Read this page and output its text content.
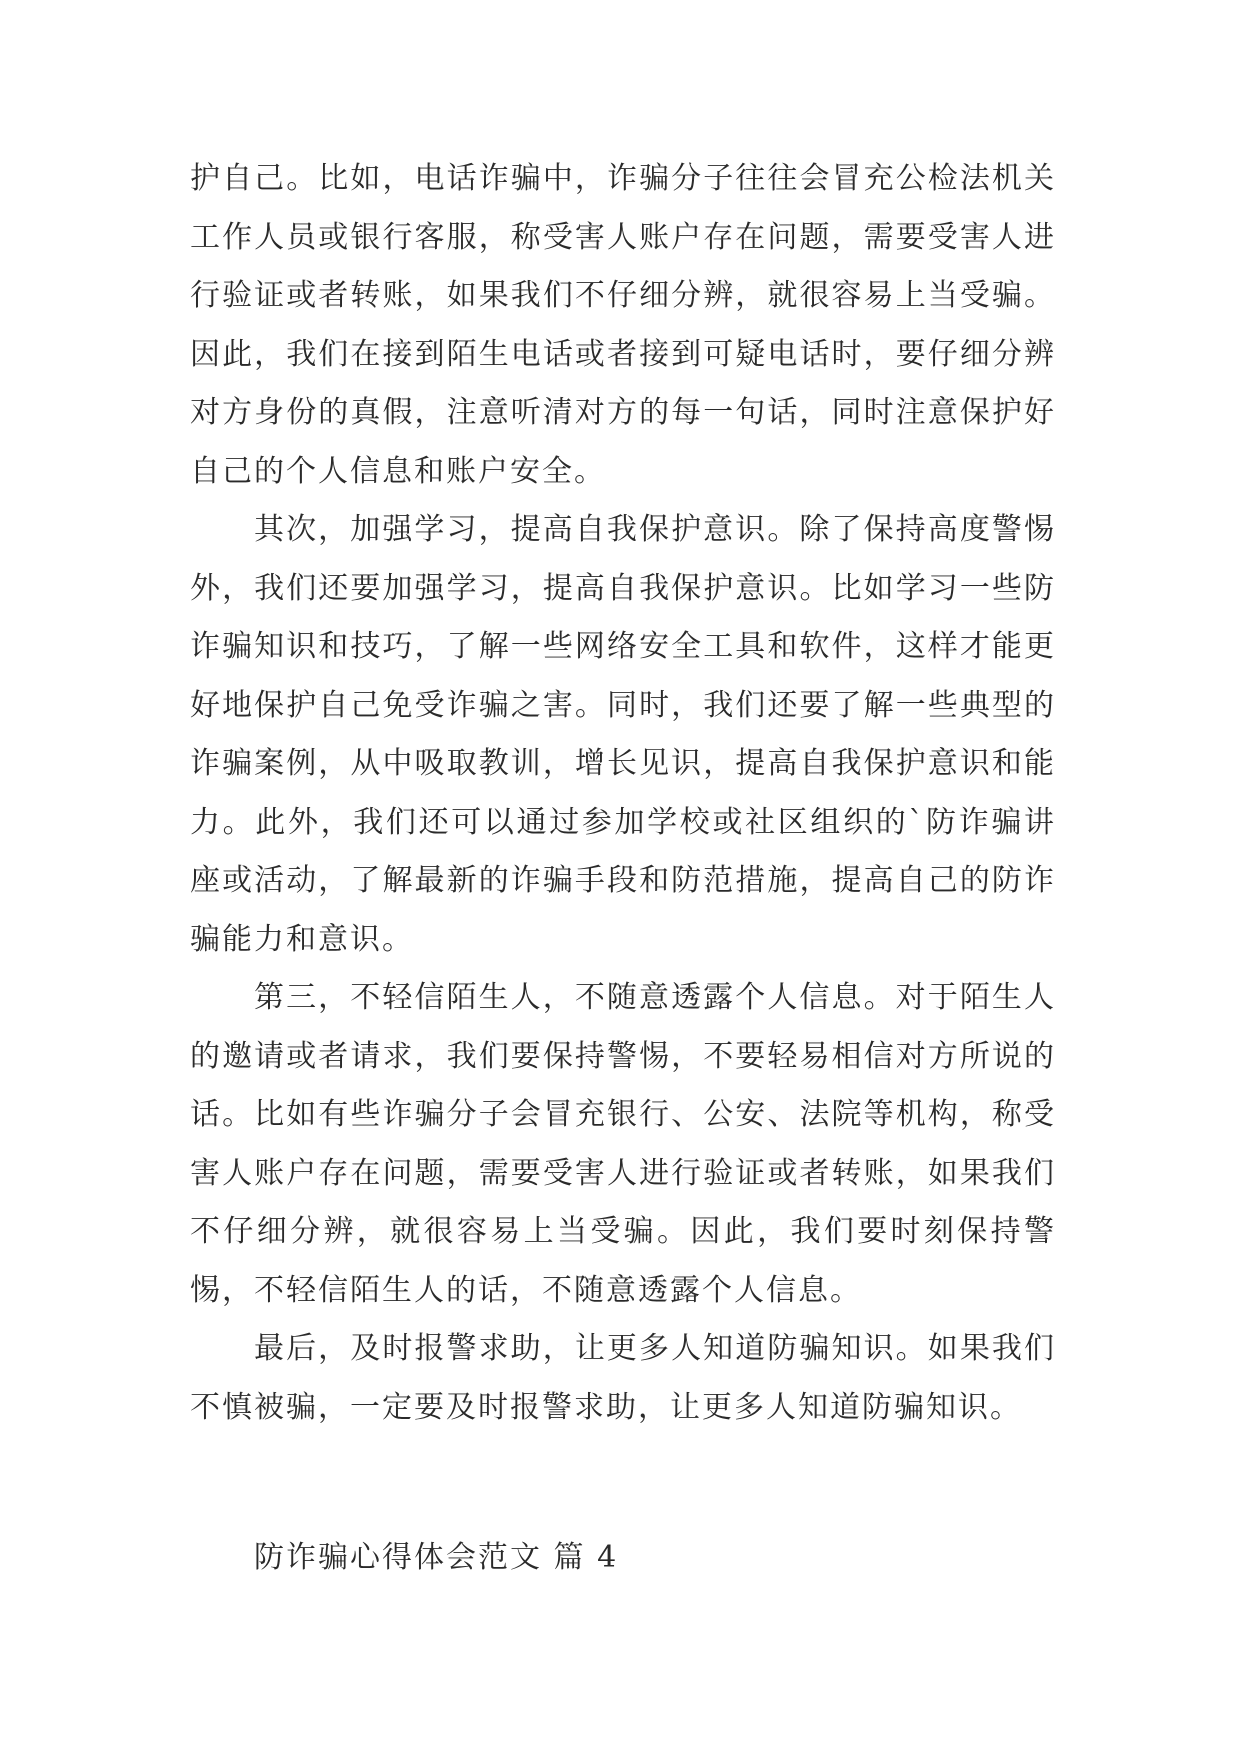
护自己。比如，电话诈骗中，诈骗分子往往会冒充公检法机关工作人员或银行客服，称受害人账户存在问题，需要受害人进行验证或者转账，如果我们不仔细分辨，就很容易上当受骗。因此，我们在接到陌生电话或者接到可疑电话时，要仔细分辨对方身份的真假，注意听清对方的每一句话，同时注意保护好自己的个人信息和账户安全。

其次，加强学习，提高自我保护意识。除了保持高度警惕外，我们还要加强学习，提高自我保护意识。比如学习一些防诈骗知识和技巧，了解一些网络安全工具和软件，这样才能更好地保护自己免受诈骗之害。同时，我们还要了解一些典型的诈骗案例，从中吸取教训，增长见识，提高自我保护意识和能力。此外，我们还可以通过参加学校或社区组织的`防诈骗讲座或活动，了解最新的诈骗手段和防范措施，提高自己的防诈骗能力和意识。

第三，不轻信陌生人，不随意透露个人信息。对于陌生人的邀请或者请求，我们要保持警惕，不要轻易相信对方所说的话。比如有些诈骗分子会冒充银行、公安、法院等机构，称受害人账户存在问题，需要受害人进行验证或者转账，如果我们不仔细分辨，就很容易上当受骗。因此，我们要时刻保持警惕，不轻信陌生人的话，不随意透露个人信息。

最后，及时报警求助，让更多人知道防骗知识。如果我们不慎被骗，一定要及时报警求助，让更多人知道防骗知识。

防诈骗心得体会范文 篇 4
